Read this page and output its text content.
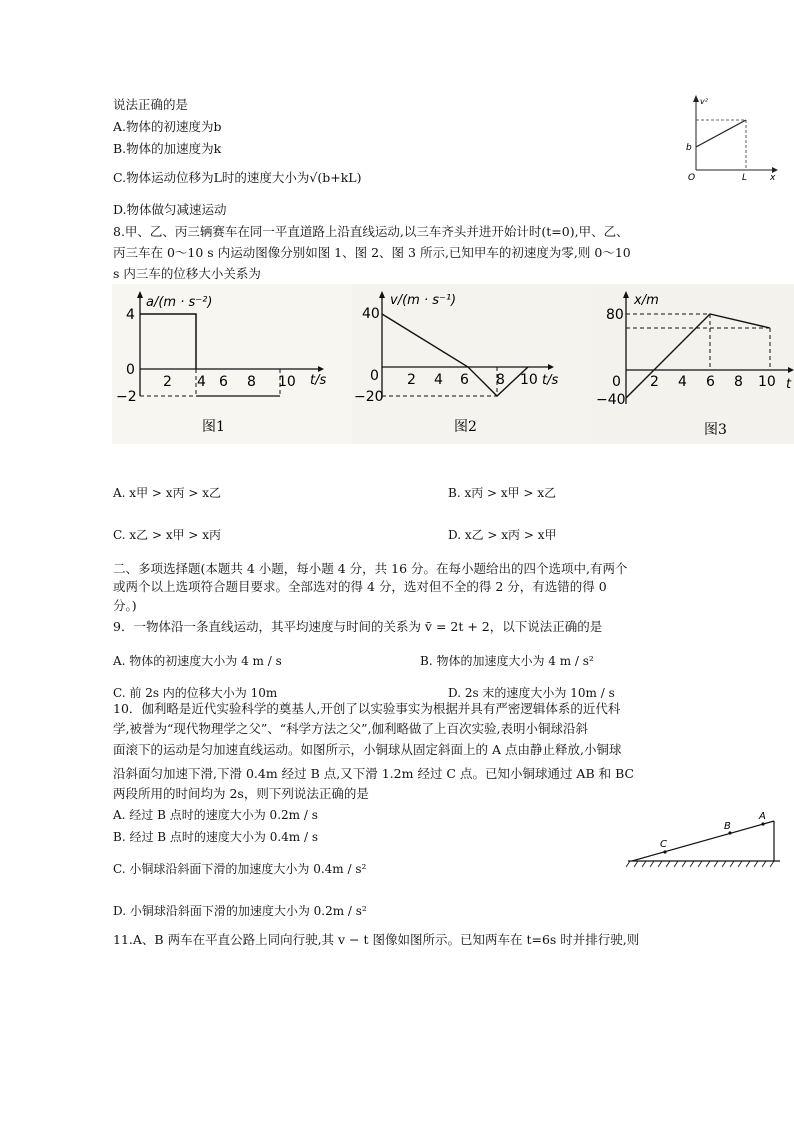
说法正确的是
A.物体的初速度为b
B.物体的加速度为k
C.物体运动位移为L时的速度大小为√(b+kL)
D.物体做匀减速运动
v²
x
O
b
L
8.甲、乙、丙三辆赛车在同一平直道路上沿直线运动,以三车齐头并进开始计时(t=0),甲、乙、
丙三车在 0～10 s 内运动图像分别如图 1、图 2、图 3 所示,已知甲车的初速度为零,则 0～10
s 内三车的位移大小关系为
a/(m · s⁻²)
t/s
4
0
−2
2 4 6 8 10
图1
v/(m · s⁻¹)
t/s
40
0
−20
2 4 6 8 10
图2
x/m
t
80
0
−40
2 4 6 8 10
图3
A. x甲 > x丙 > x乙	B. x丙 > x甲 > x乙
C. x乙 > x甲 > x丙	D. x乙 > x丙 > x甲
二、多项选择题(本题共 4 小题，每小题 4 分，共 16 分。在每小题给出的四个选项中,有两个
或两个以上选项符合题目要求。全部选对的得 4 分，选对但不全的得 2 分，有选错的得 0
分。)
9．一物体沿一条直线运动，其平均速度与时间的关系为 v̄ = 2t + 2，以下说法正确的是
A. 物体的初速度大小为 4 m / s	B. 物体的加速度大小为 4 m / s²
C. 前 2s 内的位移大小为 10m	D. 2s 末的速度大小为 10m / s
10．伽利略是近代实验科学的奠基人,开创了以实验事实为根据并具有严密逻辑体系的近代科
学,被誉为“现代物理学之父”、“科学方法之父”,伽利略做了上百次实验,表明小铜球沿斜
面滚下的运动是匀加速直线运动。如图所示，小铜球从固定斜面上的 A 点由静止释放,小铜球
沿斜面匀加速下滑,下滑 0.4m 经过 B 点,又下滑 1.2m 经过 C 点。已知小铜球通过 AB 和 BC
两段所用的时间均为 2s，则下列说法正确的是
A. 经过 B 点时的速度大小为 0.2m / s
B. 经过 B 点时的速度大小为 0.4m / s
C. 小铜球沿斜面下滑的加速度大小为 0.4m / s²
D. 小铜球沿斜面下滑的加速度大小为 0.2m / s²
C
B
A
11.A、B 两车在平直公路上同向行驶,其 v − t 图像如图所示。已知两车在 t=6s 时并排行驶,则
